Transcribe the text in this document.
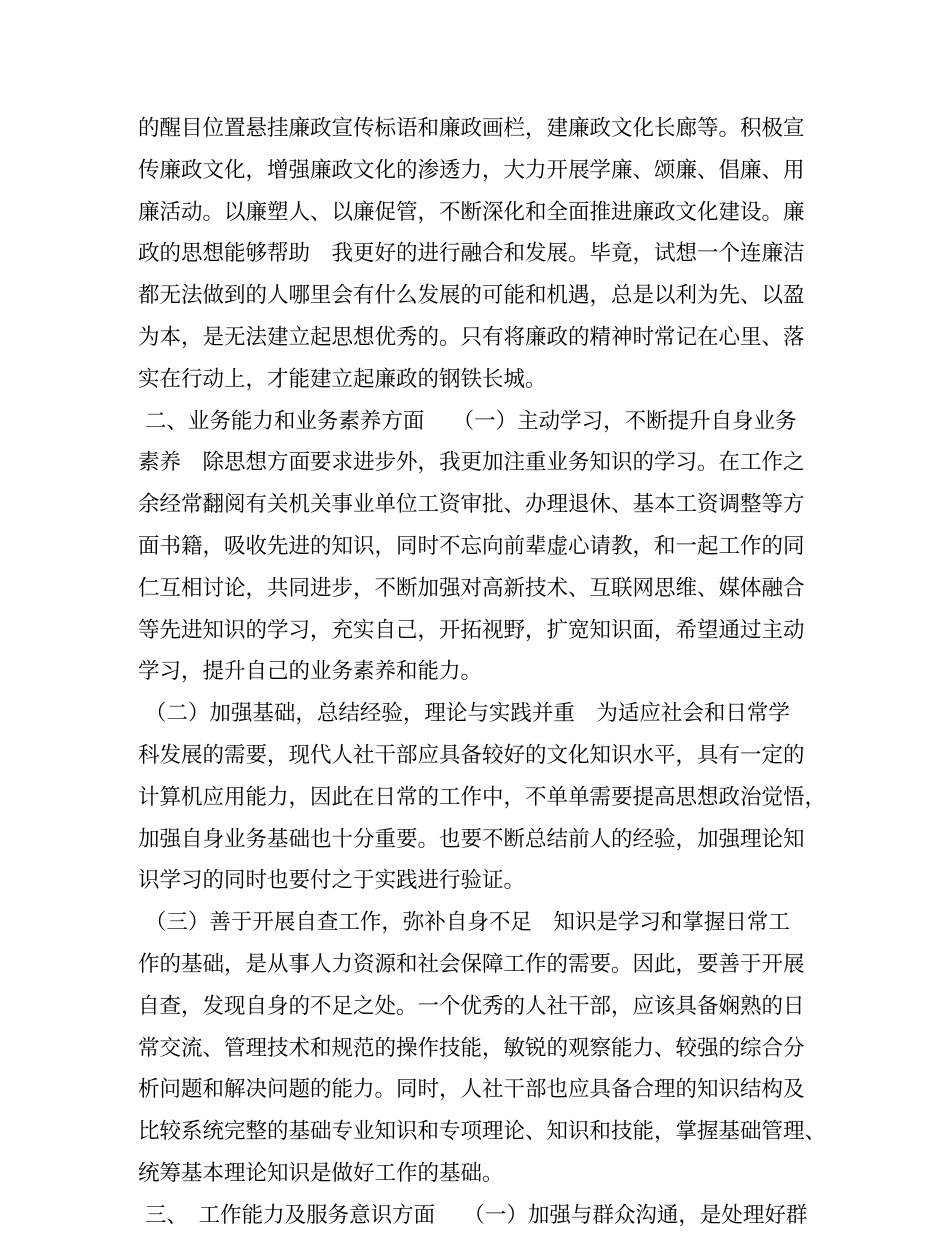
的醒目位置悬挂廉政宣传标语和廉政画栏，建廉政文化长廊等。积极宣

传廉政文化，增强廉政文化的渗透力，大力开展学廉、颂廉、倡廉、用

廉活动。以廉塑人、以廉促管，不断深化和全面推进廉政文化建设。廉

政的思想能够帮助　我更好的进行融合和发展。毕竟，试想一个连廉洁

都无法做到的人哪里会有什么发展的可能和机遇，总是以利为先、以盈

为本，是无法建立起思想优秀的。只有将廉政的精神时常记在心里、落

实在行动上，才能建立起廉政的钢铁长城。

二、业务能力和业务素养方面　 （一）主动学习，不断提升自身业务

素养　除思想方面要求进步外，我更加注重业务知识的学习。在工作之

余经常翻阅有关机关事业单位工资审批、办理退休、基本工资调整等方

面书籍，吸收先进的知识，同时不忘向前辈虚心请教，和一起工作的同

仁互相讨论，共同进步，不断加强对高新技术、互联网思维、媒体融合

等先进知识的学习，充实自己，开拓视野，扩宽知识面，希望通过主动

学习，提升自己的业务素养和能力。

（二）加强基础，总结经验，理论与实践并重　为适应社会和日常学

科发展的需要，现代人社干部应具备较好的文化知识水平，具有一定的

计算机应用能力，因此在日常的工作中，不单单需要提高思想政治觉悟，

加强自身业务基础也十分重要。也要不断总结前人的经验，加强理论知

识学习的同时也要付之于实践进行验证。

（三）善于开展自查工作，弥补自身不足　知识是学习和掌握日常工

作的基础，是从事人力资源和社会保障工作的需要。因此，要善于开展

自查，发现自身的不足之处。一个优秀的人社干部，应该具备娴熟的日

常交流、管理技术和规范的操作技能，敏锐的观察能力、较强的综合分

析问题和解决问题的能力。同时，人社干部也应具备合理的知识结构及

比较系统完整的基础专业知识和专项理论、知识和技能，掌握基础管理、

统筹基本理论知识是做好工作的基础。

三、　工作能力及服务意识方面　 （一）加强与群众沟通，是处理好群
